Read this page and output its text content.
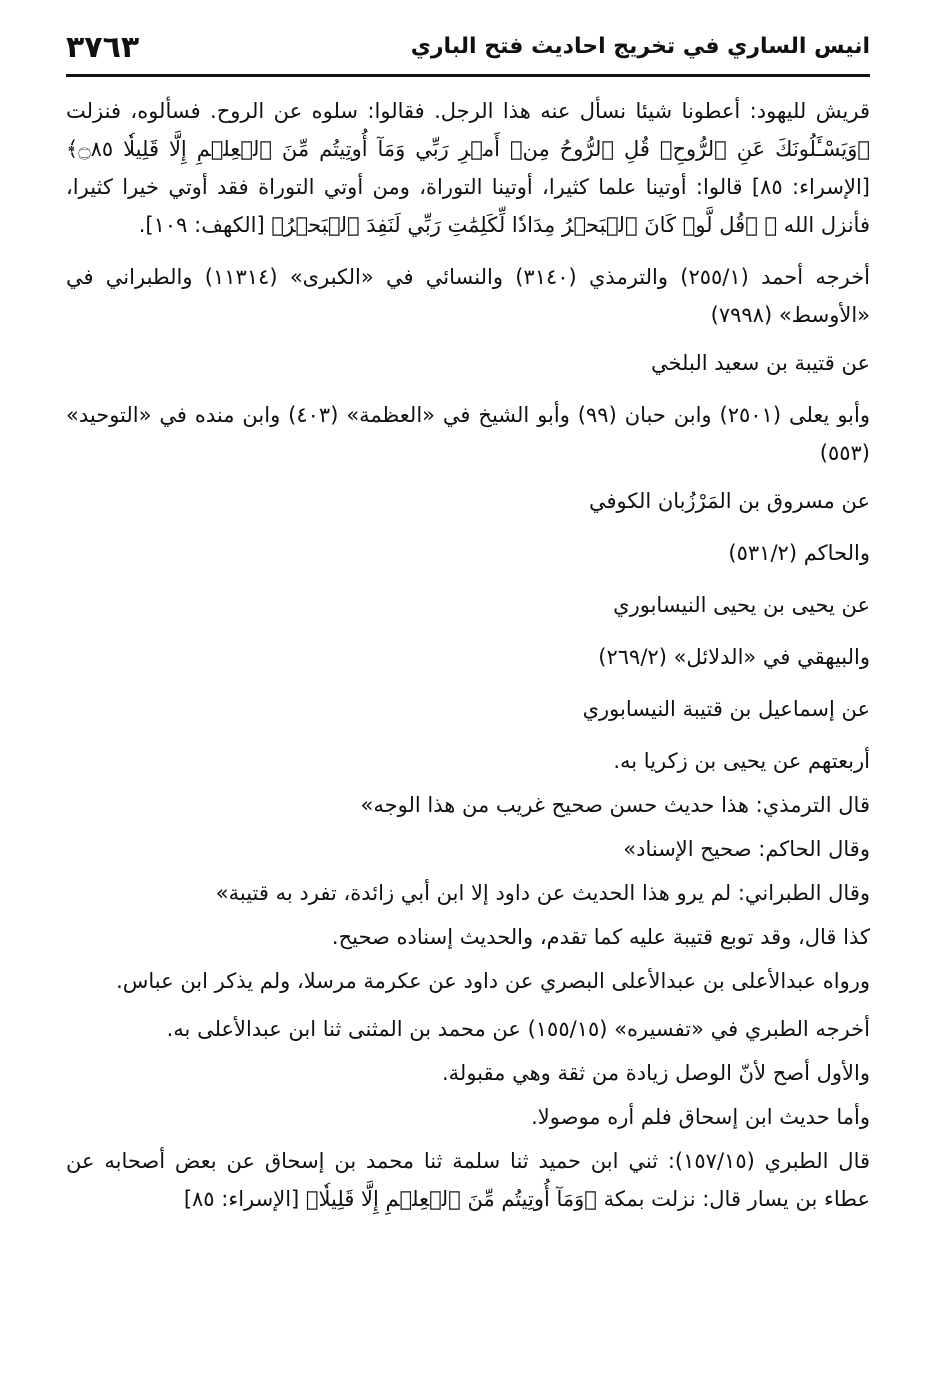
انيس الساري في تخريج احاديث فتح الباري
٣٧٦٣

قريش لليهود: أعطونا شيئا نسأل عنه هذا الرجل. فقالوا: سلوه عن الروح. فسألوه، فنزلت ﴿وَيَسْـَٔلُونَكَ عَنِ ٱلرُّوحِۖ قُلِ ٱلرُّوحُ مِنۡ أَمۡرِ رَبِّي وَمَآ أُوتِيتُم مِّنَ ٱلۡعِلۡمِ إِلَّا قَلِيلٗا ۝٨٥﴾ [الإسراء: ٨٥] قالوا: أوتينا علما كثيرا، أوتينا التوراة، ومن أوتي التوراة فقد أوتي خيرا كثيرا، فأنزل الله ﷻ ﴿قُل لَّوۡ كَانَ ٱلۡبَحۡرُ مِدَادٗا لِّكَلِمَٰتِ رَبِّي لَنَفِدَ ٱلۡبَحۡرُ﴾ [الكهف: ١٠٩].

أخرجه أحمد (٢٥٥/١) والترمذي (٣١٤٠) والنسائي في «الكبرى» (١١٣١٤) والطبراني في «الأوسط» (٧٩٩٨)

عن قتيبة بن سعيد البلخي

وأبو يعلى (٢٥٠١) وابن حبان (٩٩) وأبو الشيخ في «العظمة» (٤٠٣) وابن منده في «التوحيد» (٥٥٣)

عن مسروق بن المَرْزُبان الكوفي
والحاكم (٥٣١/٢)
عن يحيى بن يحيى النيسابوري
والبيهقي في «الدلائل» (٢٦٩/٢)
عن إسماعيل بن قتيبة النيسابوري
أربعتهم عن يحيى بن زكريا به.
قال الترمذي: هذا حديث حسن صحيح غريب من هذا الوجه»
وقال الحاكم: صحيح الإسناد»
وقال الطبراني: لم يرو هذا الحديث عن داود إلا ابن أبي زائدة، تفرد به قتيبة»
كذا قال، وقد توبع قتيبة عليه كما تقدم، والحديث إسناده صحيح.

ورواه عبدالأعلى بن عبدالأعلى البصري عن داود عن عكرمة مرسلا، ولم يذكر ابن عباس.

أخرجه الطبري في «تفسيره» (١٥٥/١٥) عن محمد بن المثنى ثنا ابن عبدالأعلى به.
والأول أصح لأنّ الوصل زيادة من ثقة وهي مقبولة.
وأما حديث ابن إسحاق فلم أره موصولا.

قال الطبري (١٥٧/١٥): ثني ابن حميد ثنا سلمة ثنا محمد بن إسحاق عن بعض أصحابه عن عطاء بن يسار قال: نزلت بمكة ﴿وَمَآ أُوتِيتُم مِّنَ ٱلۡعِلۡمِ إِلَّا قَلِيلٗا﴾ [الإسراء: ٨٥]
